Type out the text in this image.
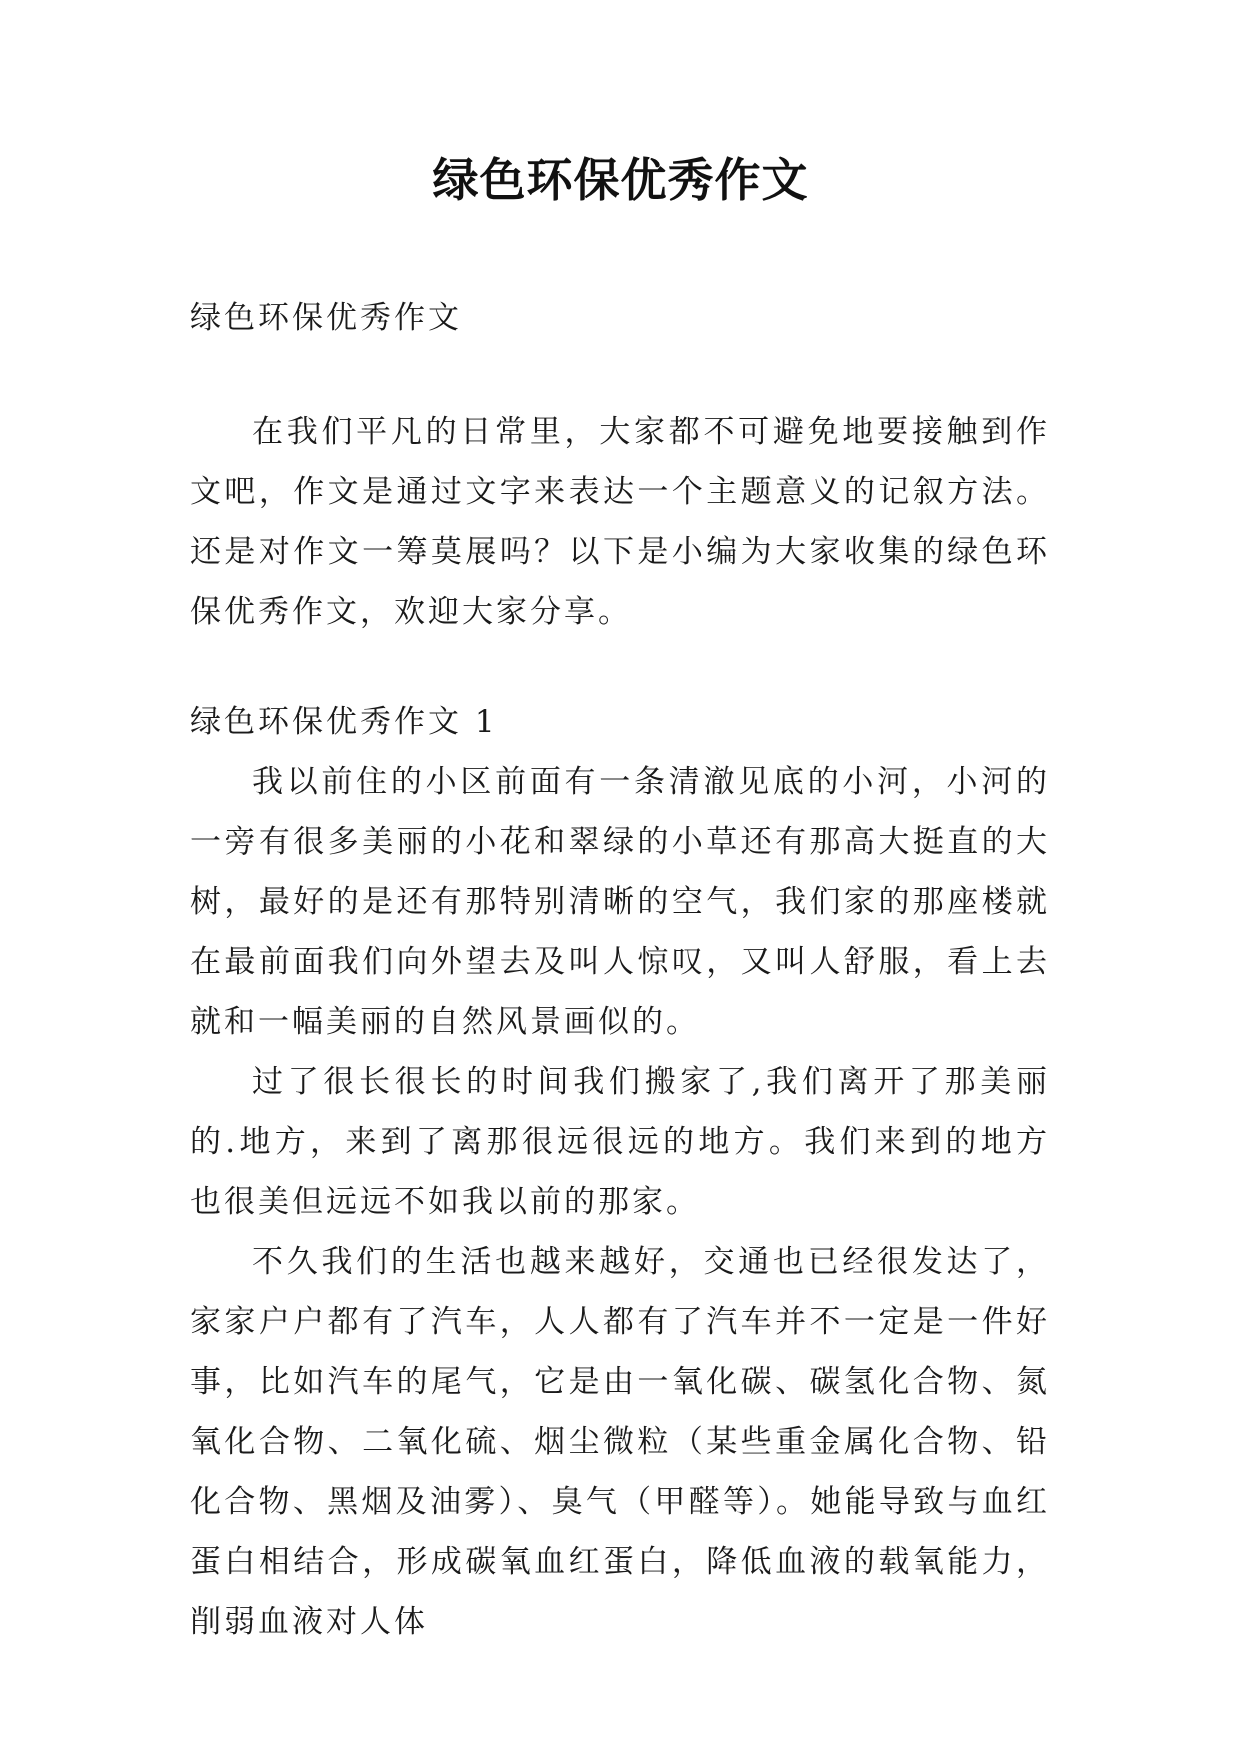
绿色环保优秀作文
绿色环保优秀作文

在我们平凡的日常里，大家都不可避免地要接触到作文吧，作文是通过文字来表达一个主题意义的记叙方法。还是对作文一筹莫展吗？以下是小编为大家收集的绿色环保优秀作文，欢迎大家分享。

绿色环保优秀作文 1

我以前住的小区前面有一条清澈见底的小河，小河的一旁有很多美丽的小花和翠绿的小草还有那高大挺直的大树，最好的是还有那特别清晰的空气，我们家的那座楼就在最前面我们向外望去及叫人惊叹，又叫人舒服，看上去就和一幅美丽的自然风景画似的。

过了很长很长的时间我们搬家了,我们离开了那美丽的.地方，来到了离那很远很远的地方。我们来到的地方也很美但远远不如我以前的那家。

不久我们的生活也越来越好，交通也已经很发达了，家家户户都有了汽车，人人都有了汽车并不一定是一件好事，比如汽车的尾气，它是由一氧化碳、碳氢化合物、氮氧化合物、二氧化硫、烟尘微粒（某些重金属化合物、铅化合物、黑烟及油雾）、臭气（甲醛等）。她能导致与血红蛋白相结合，形成碳氧血红蛋白，降低血液的载氧能力，削弱血液对人体
